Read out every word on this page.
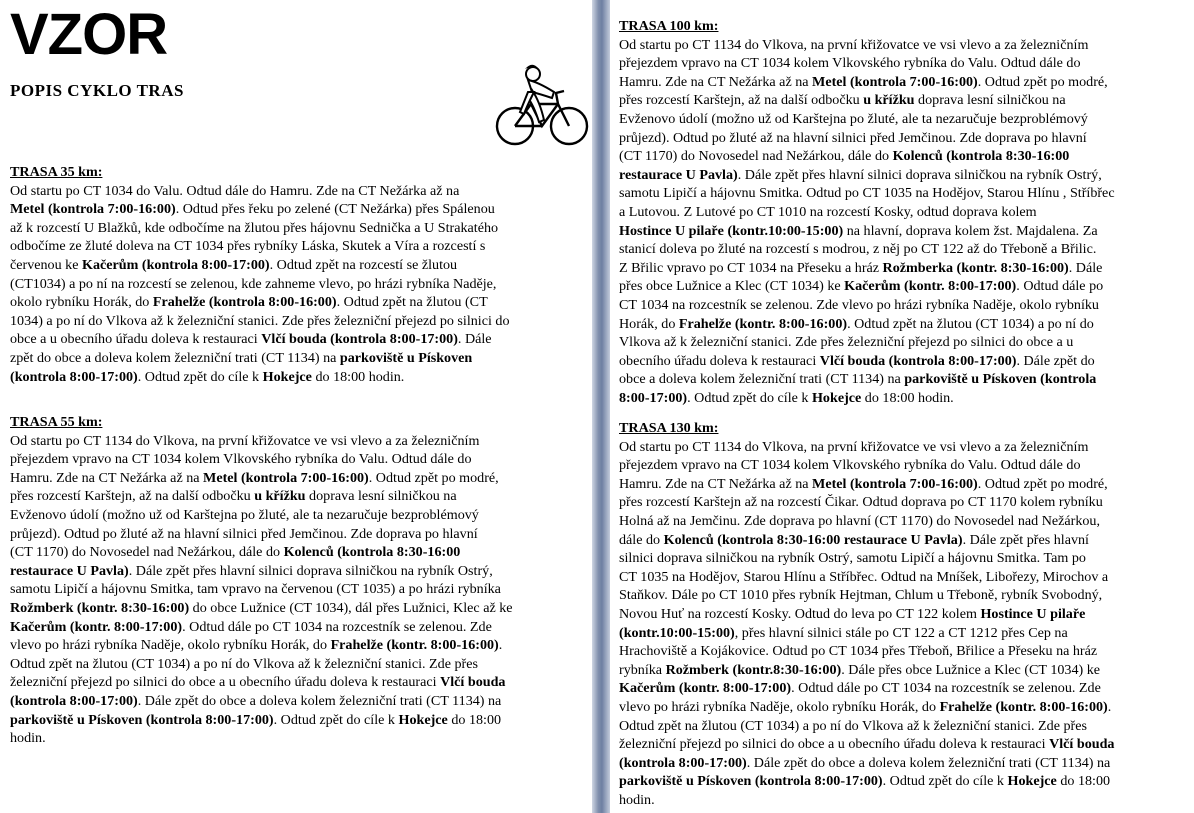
VZOR
POPIS CYKLO TRAS
TRASA 35 km:
Od startu po CT 1034 do Valu. Odtud dále do Hamru. Zde na CT Nežárka až na
Metel (kontrola 7:00-16:00). Odtud přes řeku po zelené (CT Nežárka) přes Spálenou
až k rozcestí U Blažků, kde odbočíme na žlutou přes hájovnu Sednička a U Strakatého
odbočíme ze žluté doleva na CT 1034 přes rybníky Láska, Skutek a Víra a rozcestí s
červenou ke Kačerům (kontrola 8:00-17:00). Odtud zpět na rozcestí se žlutou
(CT1034) a po ní na rozcestí se zelenou, kde zahneme vlevo, po hrázi rybníka Naděje,
okolo rybníku Horák, do Frahelže (kontrola 8:00-16:00). Odtud zpět na žlutou (CT
1034) a po ní do Vlkova až k železniční stanici. Zde přes železniční přejezd po silnici do
obce a u obecního úřadu doleva k restauraci Vlčí bouda (kontrola 8:00-17:00). Dále
zpět do obce a doleva kolem železniční trati (CT 1134) na parkoviště u Pískoven
(kontrola 8:00-17:00). Odtud zpět do cíle k Hokejce do 18:00 hodin.
TRASA 55 km:
Od startu po CT 1134 do Vlkova, na první křižovatce ve vsi vlevo a za železničním
přejezdem vpravo na CT 1034 kolem Vlkovského rybníka do Valu. Odtud dále do
Hamru. Zde na CT Nežárka až na Metel (kontrola 7:00-16:00). Odtud zpět po modré,
přes rozcestí Karštejn, až na další odbočku u křížku doprava lesní silničkou na
Evženovo údolí (možno už od Karštejna po žluté, ale ta nezaručuje bezproblémový
průjezd). Odtud po žluté až na hlavní silnici před Jemčinou. Zde doprava po hlavní
(CT 1170) do Novosedel nad Nežárkou, dále do Kolenců (kontrola 8:30-16:00
restaurace U Pavla). Dále zpět přes hlavní silnici doprava silničkou na rybník Ostrý,
samotu Lipičí a hájovnu Smitka, tam vpravo na červenou (CT 1035) a po hrázi rybníka
Rožmberk (kontr. 8:30-16:00) do obce Lužnice (CT 1034), dál přes Lužnici, Klec až ke
Kačerům (kontr. 8:00-17:00). Odtud dále po CT 1034 na rozcestník se zelenou. Zde
vlevo po hrázi rybníka Naděje, okolo rybníku Horák, do Frahelže (kontr. 8:00-16:00).
Odtud zpět na žlutou (CT 1034) a po ní do Vlkova až k železniční stanici. Zde přes
železniční přejezd po silnici do obce a u obecního úřadu doleva k restauraci Vlčí bouda
(kontrola 8:00-17:00). Dále zpět do obce a doleva kolem železniční trati (CT 1134) na
parkoviště u Pískoven (kontrola 8:00-17:00). Odtud zpět do cíle k Hokejce do 18:00
hodin.
TRASA 100 km:
Od startu po CT 1134 do Vlkova, na první křižovatce ve vsi vlevo a za železničním
přejezdem vpravo na CT 1034 kolem Vlkovského rybníka do Valu. Odtud dále do
Hamru. Zde na CT Nežárka až na Metel (kontrola 7:00-16:00). Odtud zpět po modré,
přes rozcestí Karštejn, až na další odbočku u křížku doprava lesní silničkou na
Evženovo údolí (možno už od Karštejna po žluté, ale ta nezaručuje bezproblémový
průjezd). Odtud po žluté až na hlavní silnici před Jemčinou. Zde doprava po hlavní
(CT 1170) do Novosedel nad Nežárkou, dále do Kolenců (kontrola 8:30-16:00
restaurace U Pavla). Dále zpět přes hlavní silnici doprava silničkou na rybník Ostrý,
samotu Lipičí a hájovnu Smitka. Odtud po CT 1035 na Hodějov, Starou Hlínu , Stříbřec
a Lutovou. Z Lutové po CT 1010 na rozcestí Kosky, odtud doprava kolem
Hostince U pilaře (kontr.10:00-15:00) na hlavní, doprava kolem žst. Majdalena. Za
stanicí doleva po žluté na rozcestí s modrou, z něj po CT 122 až do Třeboně a Břilic.
Z Břilic vpravo po CT 1034 na Přeseku a hráz Rožmberka (kontr. 8:30-16:00). Dále
přes obce Lužnice a Klec (CT 1034) ke Kačerům (kontr. 8:00-17:00). Odtud dále po
CT 1034 na rozcestník se zelenou. Zde vlevo po hrázi rybníka Naděje, okolo rybníku
Horák, do Frahelže (kontr. 8:00-16:00). Odtud zpět na žlutou (CT 1034) a po ní do
Vlkova až k železniční stanici. Zde přes železniční přejezd po silnici do obce a u
obecního úřadu doleva k restauraci Vlčí bouda (kontrola 8:00-17:00). Dále zpět do
obce a doleva kolem železniční trati (CT 1134) na parkoviště u Pískoven (kontrola
8:00-17:00). Odtud zpět do cíle k Hokejce do 18:00 hodin.
TRASA 130 km:
Od startu po CT 1134 do Vlkova, na první křižovatce ve vsi vlevo a za železničním
přejezdem vpravo na CT 1034 kolem Vlkovského rybníka do Valu. Odtud dále do
Hamru. Zde na CT Nežárka až na Metel (kontrola 7:00-16:00). Odtud zpět po modré,
přes rozcestí Karštejn až na rozcestí Čikar. Odtud doprava po CT 1170 kolem rybníku
Holná až na Jemčinu. Zde doprava po hlavní (CT 1170) do Novosedel nad Nežárkou,
dále do Kolenců (kontrola 8:30-16:00 restaurace U Pavla). Dále zpět přes hlavní
silnici doprava silničkou na rybník Ostrý, samotu Lipičí a hájovnu Smitka. Tam po
CT 1035 na Hodějov, Starou Hlínu a Stříbřec. Odtud na Mníšek, Libořezy, Mirochov a
Staňkov. Dále po CT 1010 přes rybník Hejtman, Chlum u Třeboně, rybník Svobodný,
Novou Huť na rozcestí Kosky. Odtud do leva po CT 122 kolem Hostince U pilaře
(kontr.10:00-15:00), přes hlavní silnici stále po CT 122 a CT 1212 přes Cep na
Hrachoviště a Kojákovice. Odtud po CT 1034 přes Třeboň, Břilice a Přeseku na hráz
rybníka Rožmberk (kontr.8:30-16:00). Dále přes obce Lužnice a Klec (CT 1034) ke
Kačerům (kontr. 8:00-17:00). Odtud dále po CT 1034 na rozcestník se zelenou. Zde
vlevo po hrázi rybníka Naděje, okolo rybníku Horák, do Frahelže (kontr. 8:00-16:00).
Odtud zpět na žlutou (CT 1034) a po ní do Vlkova až k železniční stanici. Zde přes
železniční přejezd po silnici do obce a u obecního úřadu doleva k restauraci Vlčí bouda
(kontrola 8:00-17:00). Dále zpět do obce a doleva kolem železniční trati (CT 1134) na
parkoviště u Pískoven (kontrola 8:00-17:00). Odtud zpět do cíle k Hokejce do 18:00
hodin.
